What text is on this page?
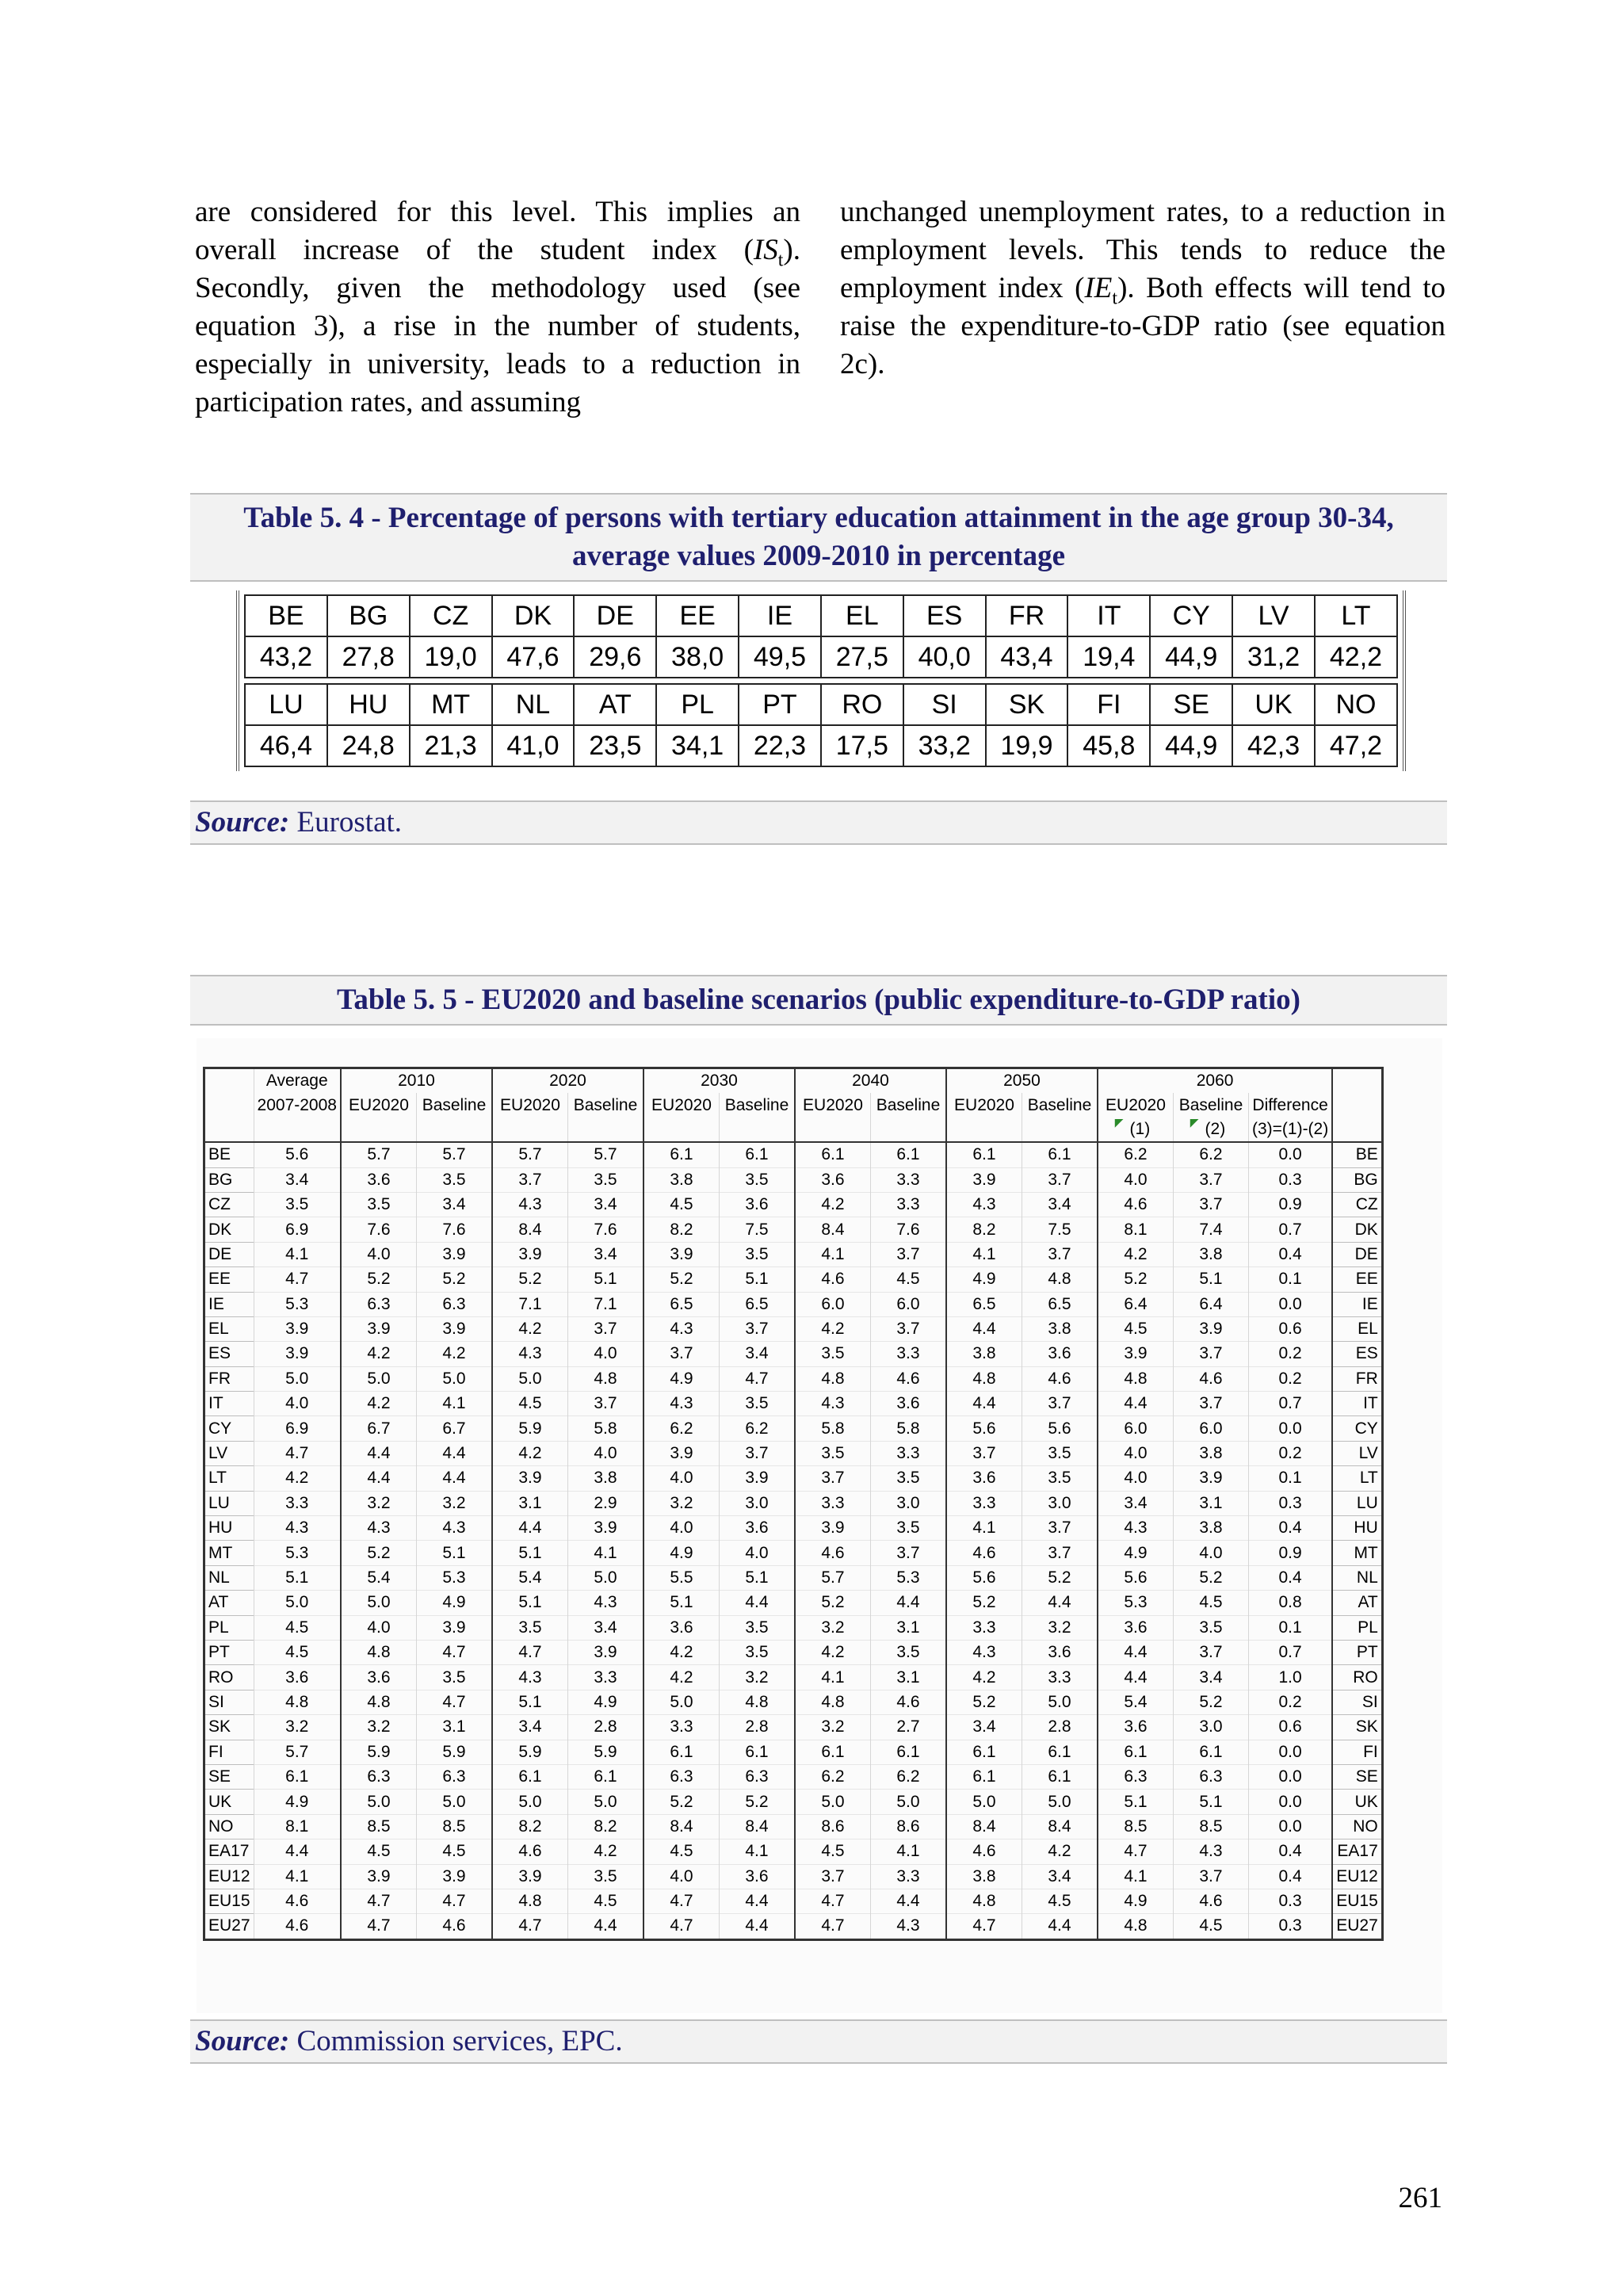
are considered for this level. This implies an overall increase of the student index $(IS_t)$. Secondly, given the methodology used (see equation 3), a rise in the number of students, especially in university, leads to a reduction in participation rates, and assuming

unchanged unemployment rates, to a reduction in employment levels. This tends to reduce the employment index $(IE_t)$. Both effects will tend to raise the expenditure-to-GDP ratio (see equation 2c).

Table 5. 4 - Percentage of persons with tertiary education attainment in the age group 30-34, average values 2009-2010 in percentage
BE	BG	CZ	DK	DE	EE	IE	EL	ES	FR	IT	CY	LV	LT
43,2	27,8	19,0	47,6	29,6	38,0	49,5	27,5	40,0	43,4	19,4	44,9	31,2	42,2
LU	HU	MT	NL	AT	PL	PT	RO	SI	SK	FI	SE	UK	NO
46,4	24,8	21,3	41,0	23,5	34,1	22,3	17,5	33,2	19,9	45,8	44,9	42,3	47,2
Source: Eurostat.
Table 5. 5 - EU2020 and baseline scenarios (public expenditure-to-GDP ratio)
	Average	2010		2020		2030		2040		2050		2060			
	2007-2008	EU2020	Baseline	EU2020	Baseline	EU2020	Baseline	EU2020	Baseline	EU2020	Baseline	EU2020	Baseline	Difference	
												◤ (1)	◤ (2)	(3)=(1)-(2)	
BE	5.6	5.7	5.7	5.7	5.7	6.1	6.1	6.1	6.1	6.1	6.1	6.2	6.2	0.0	BE
BG	3.4	3.6	3.5	3.7	3.5	3.8	3.5	3.6	3.3	3.9	3.7	4.0	3.7	0.3	BG
CZ	3.5	3.5	3.4	4.3	3.4	4.5	3.6	4.2	3.3	4.3	3.4	4.6	3.7	0.9	CZ
DK	6.9	7.6	7.6	8.4	7.6	8.2	7.5	8.4	7.6	8.2	7.5	8.1	7.4	0.7	DK
DE	4.1	4.0	3.9	3.9	3.4	3.9	3.5	4.1	3.7	4.1	3.7	4.2	3.8	0.4	DE
EE	4.7	5.2	5.2	5.2	5.1	5.2	5.1	4.6	4.5	4.9	4.8	5.2	5.1	0.1	EE
IE	5.3	6.3	6.3	7.1	7.1	6.5	6.5	6.0	6.0	6.5	6.5	6.4	6.4	0.0	IE
EL	3.9	3.9	3.9	4.2	3.7	4.3	3.7	4.2	3.7	4.4	3.8	4.5	3.9	0.6	EL
ES	3.9	4.2	4.2	4.3	4.0	3.7	3.4	3.5	3.3	3.8	3.6	3.9	3.7	0.2	ES
FR	5.0	5.0	5.0	5.0	4.8	4.9	4.7	4.8	4.6	4.8	4.6	4.8	4.6	0.2	FR
IT	4.0	4.2	4.1	4.5	3.7	4.3	3.5	4.3	3.6	4.4	3.7	4.4	3.7	0.7	IT
CY	6.9	6.7	6.7	5.9	5.8	6.2	6.2	5.8	5.8	5.6	5.6	6.0	6.0	0.0	CY
LV	4.7	4.4	4.4	4.2	4.0	3.9	3.7	3.5	3.3	3.7	3.5	4.0	3.8	0.2	LV
LT	4.2	4.4	4.4	3.9	3.8	4.0	3.9	3.7	3.5	3.6	3.5	4.0	3.9	0.1	LT
LU	3.3	3.2	3.2	3.1	2.9	3.2	3.0	3.3	3.0	3.3	3.0	3.4	3.1	0.3	LU
HU	4.3	4.3	4.3	4.4	3.9	4.0	3.6	3.9	3.5	4.1	3.7	4.3	3.8	0.4	HU
MT	5.3	5.2	5.1	5.1	4.1	4.9	4.0	4.6	3.7	4.6	3.7	4.9	4.0	0.9	MT
NL	5.1	5.4	5.3	5.4	5.0	5.5	5.1	5.7	5.3	5.6	5.2	5.6	5.2	0.4	NL
AT	5.0	5.0	4.9	5.1	4.3	5.1	4.4	5.2	4.4	5.2	4.4	5.3	4.5	0.8	AT
PL	4.5	4.0	3.9	3.5	3.4	3.6	3.5	3.2	3.1	3.3	3.2	3.6	3.5	0.1	PL
PT	4.5	4.8	4.7	4.7	3.9	4.2	3.5	4.2	3.5	4.3	3.6	4.4	3.7	0.7	PT
RO	3.6	3.6	3.5	4.3	3.3	4.2	3.2	4.1	3.1	4.2	3.3	4.4	3.4	1.0	RO
SI	4.8	4.8	4.7	5.1	4.9	5.0	4.8	4.8	4.6	5.2	5.0	5.4	5.2	0.2	SI
SK	3.2	3.2	3.1	3.4	2.8	3.3	2.8	3.2	2.7	3.4	2.8	3.6	3.0	0.6	SK
FI	5.7	5.9	5.9	5.9	5.9	6.1	6.1	6.1	6.1	6.1	6.1	6.1	6.1	0.0	FI
SE	6.1	6.3	6.3	6.1	6.1	6.3	6.3	6.2	6.2	6.1	6.1	6.3	6.3	0.0	SE
UK	4.9	5.0	5.0	5.0	5.0	5.2	5.2	5.0	5.0	5.0	5.0	5.1	5.1	0.0	UK
NO	8.1	8.5	8.5	8.2	8.2	8.4	8.4	8.6	8.6	8.4	8.4	8.5	8.5	0.0	NO
EA17	4.4	4.5	4.5	4.6	4.2	4.5	4.1	4.5	4.1	4.6	4.2	4.7	4.3	0.4	EA17
EU12	4.1	3.9	3.9	3.9	3.5	4.0	3.6	3.7	3.3	3.8	3.4	4.1	3.7	0.4	EU12
EU15	4.6	4.7	4.7	4.8	4.5	4.7	4.4	4.7	4.4	4.8	4.5	4.9	4.6	0.3	EU15
EU27	4.6	4.7	4.6	4.7	4.4	4.7	4.4	4.7	4.3	4.7	4.4	4.8	4.5	0.3	EU27
Source: Commission services, EPC.
261
